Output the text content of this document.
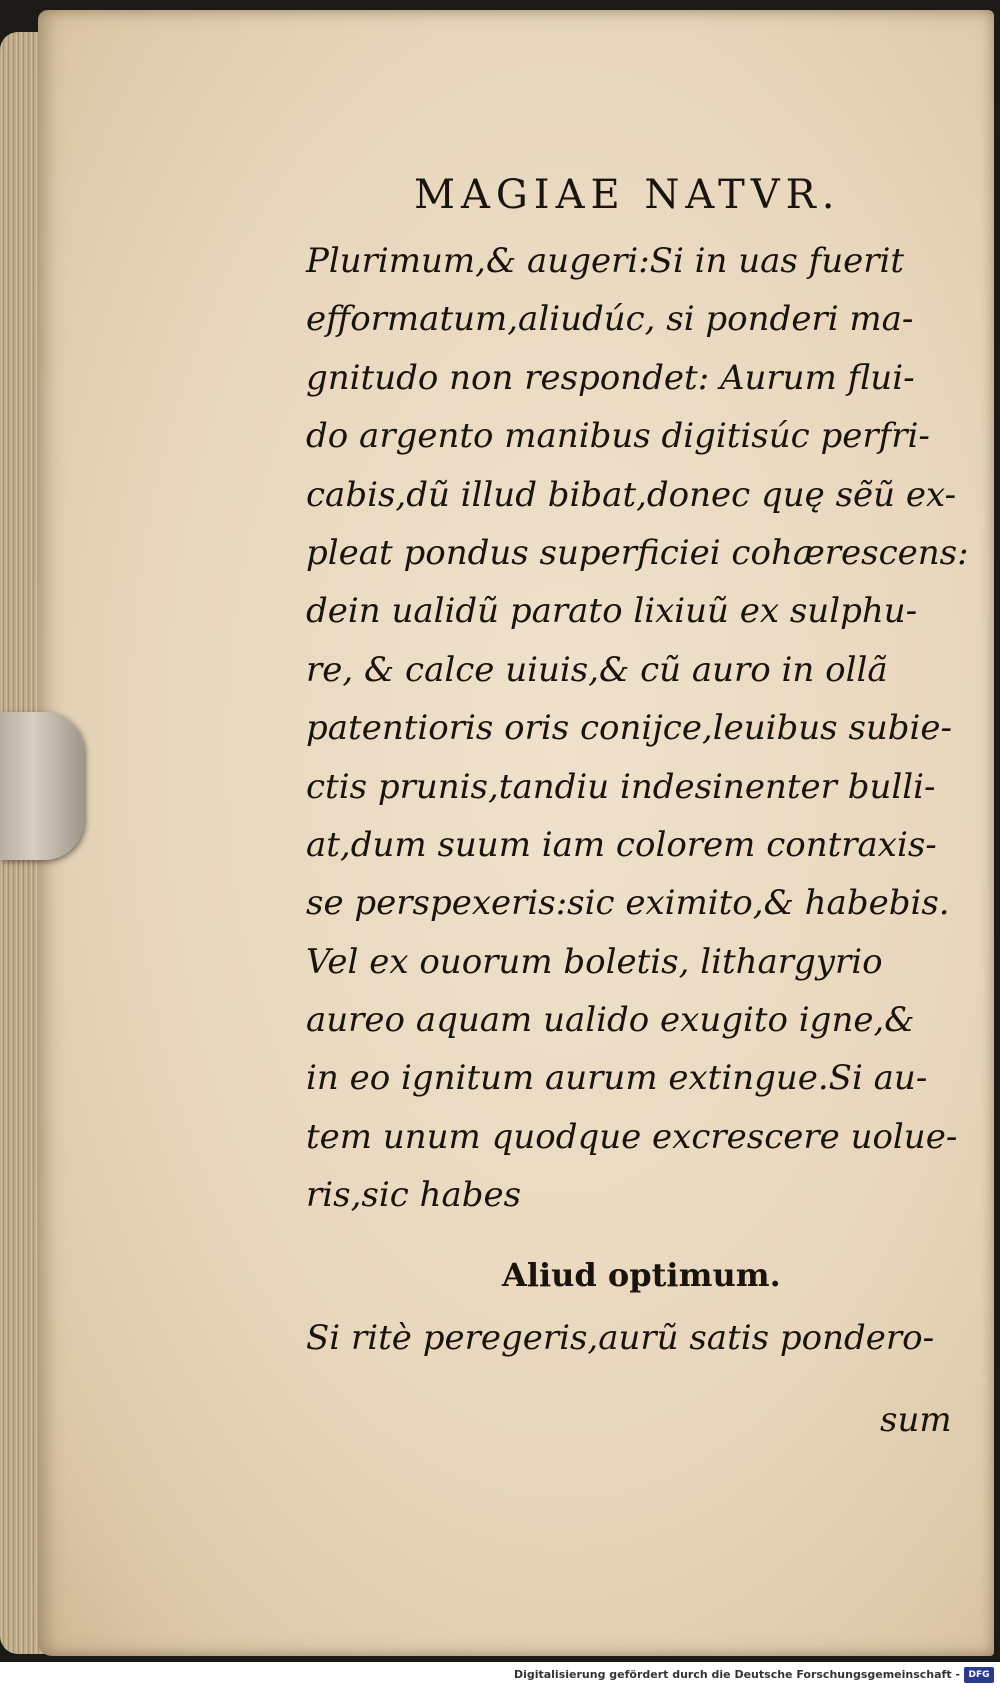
MAGIAE NATVR.
Plurimum,& augeri:Si in uas fuerit
efformatum,aliudúc, si ponderi ma-
gnitudo non respondet: Aurum flui-
do argento manibus digitisúc perfri-
cabis,dũ illud bibat,donec quę sẽũ ex-
pleat pondus superficiei cohærescens:
dein ualidũ parato lixiuũ ex sulphu-
re, & calce uiuis,& cũ auro in ollã
patentioris oris conijce,leuibus subie-
ctis prunis,tandiu indesinenter bulli-
at,dum suum iam colorem contraxis-
se perspexeris:sic eximito,& habebis.
Vel ex ouorum boletis, lithargyrio
aureo aquam ualido exugito igne,&
in eo ignitum aurum extingue.Si au-
tem unum quodque excrescere uolue-
ris,sic habes
Aliud optimum.
Si ritè peregeris,aurũ satis pondero-
sum
Digitalisierung gefördert durch die Deutsche Forschungsgemeinschaft - DFG
